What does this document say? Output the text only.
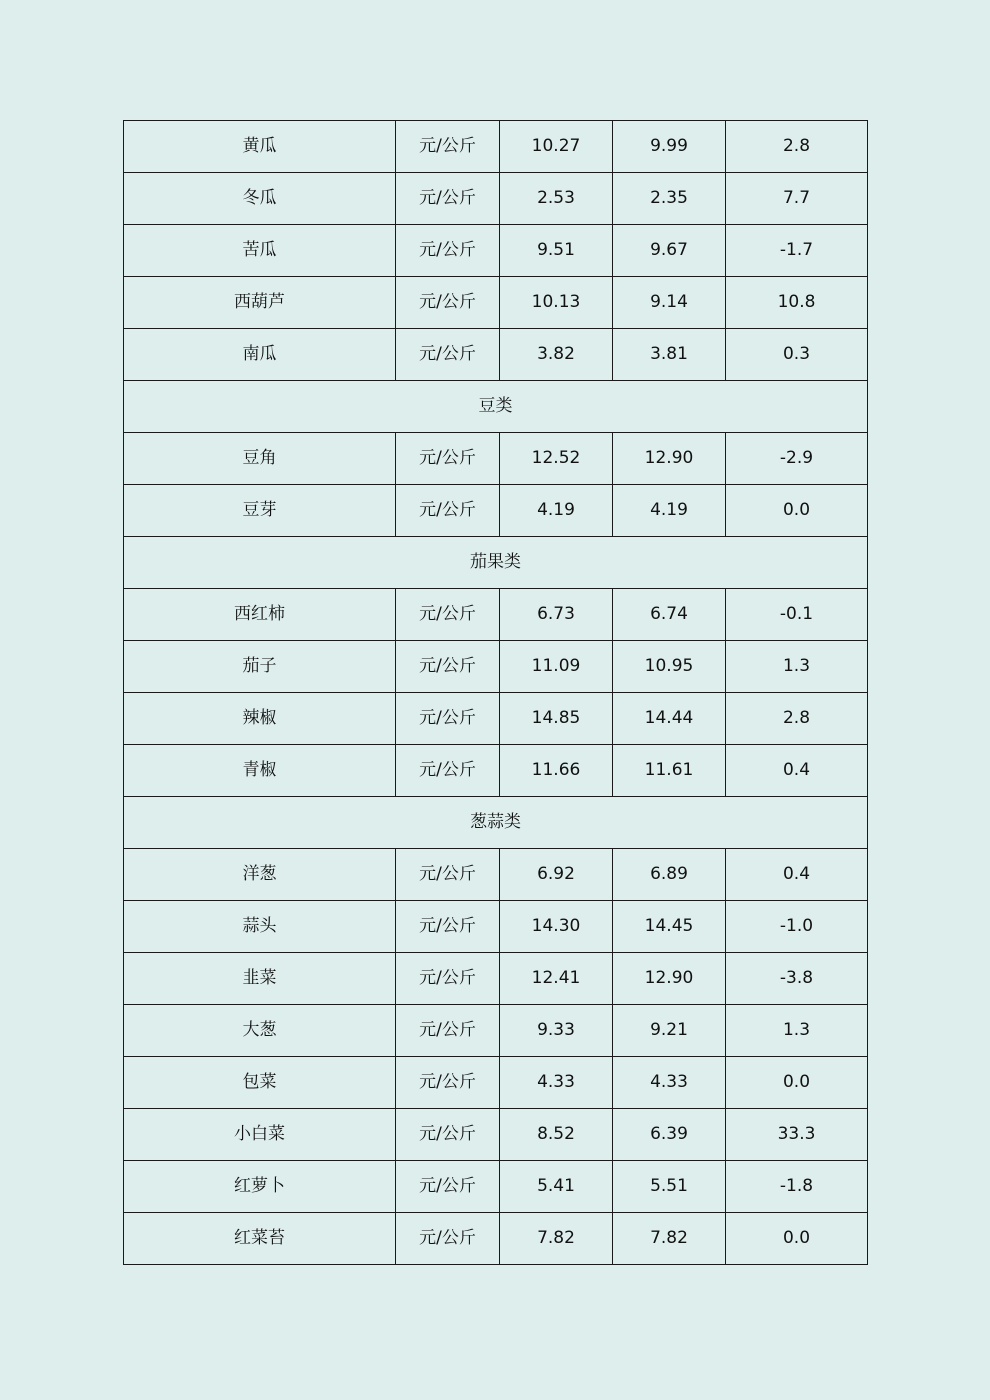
黄瓜	元/公斤	10.27	9.99	2.8
冬瓜	元/公斤	2.53	2.35	7.7
苦瓜	元/公斤	9.51	9.67	-1.7
西葫芦	元/公斤	10.13	9.14	10.8
南瓜	元/公斤	3.82	3.81	0.3
豆类				
豆角	元/公斤	12.52	12.90	-2.9
豆芽	元/公斤	4.19	4.19	0.0
茄果类				
西红柿	元/公斤	6.73	6.74	-0.1
茄子	元/公斤	11.09	10.95	1.3
辣椒	元/公斤	14.85	14.44	2.8
青椒	元/公斤	11.66	11.61	0.4
葱蒜类				
洋葱	元/公斤	6.92	6.89	0.4
蒜头	元/公斤	14.30	14.45	-1.0
韭菜	元/公斤	12.41	12.90	-3.8
大葱	元/公斤	9.33	9.21	1.3
包菜	元/公斤	4.33	4.33	0.0
小白菜	元/公斤	8.52	6.39	33.3
红萝卜	元/公斤	5.41	5.51	-1.8
红菜苔	元/公斤	7.82	7.82	0.0
